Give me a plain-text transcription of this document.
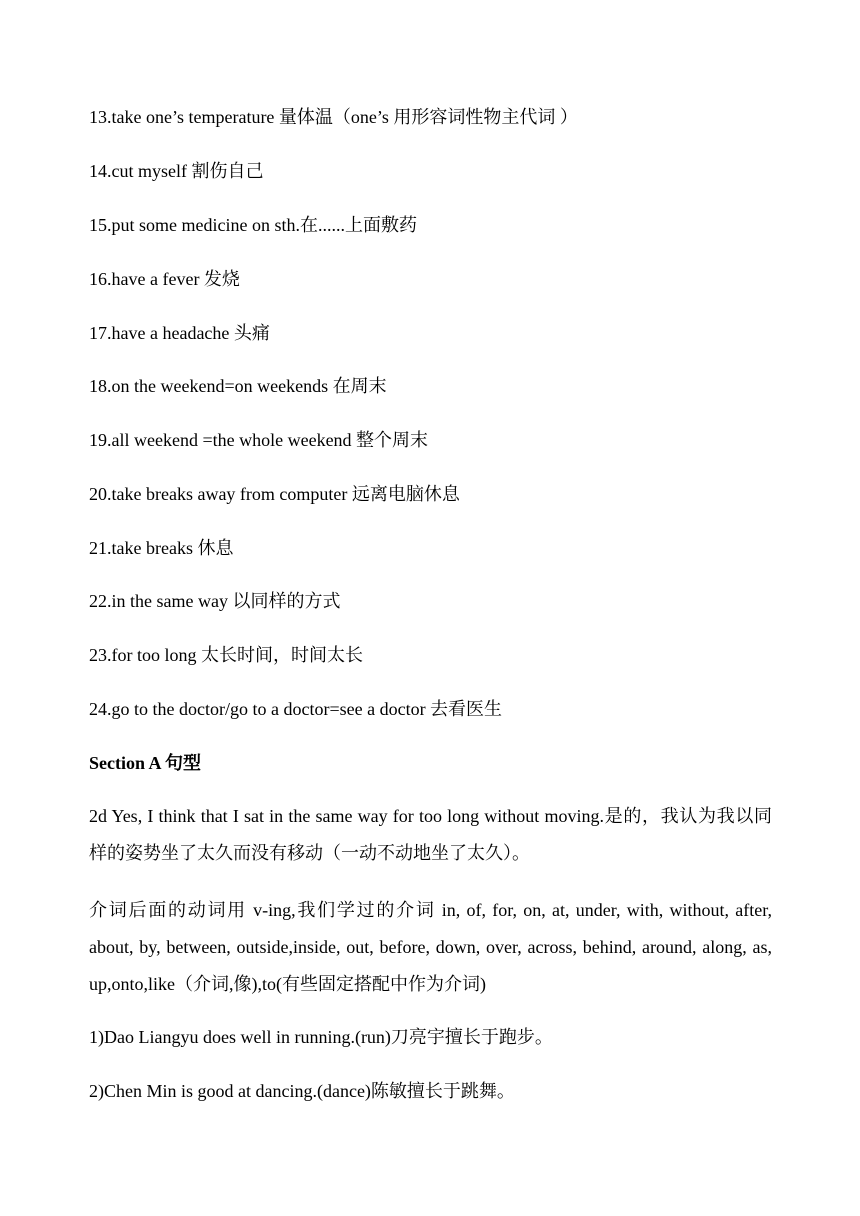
13.take one’s temperature 量体温（one’s 用形容词性物主代词 ）
14.cut myself 割伤自己
15.put some medicine on sth.在......上面敷药
16.have a fever 发烧
17.have a headache 头痛
18.on the weekend=on weekends 在周末
19.all weekend =the whole weekend 整个周末
20.take breaks away from computer 远离电脑休息
21.take breaks 休息
22.in the same way 以同样的方式
23.for too long 太长时间，时间太长
24.go to the doctor/go to a doctor=see a doctor 去看医生
Section A 句型
2d Yes, I think that I sat in the same way for too long without moving.是的，我认为我以同样的姿势坐了太久而没有移动（一动不动地坐了太久）。
介词后面的动词用 v-ing,我们学过的介词 in, of, for, on, at, under, with, without, after, about, by, between, outside,inside, out, before, down, over, across, behind, around, along, as, up,onto,like（介词,像),to(有些固定搭配中作为介词)
1)Dao Liangyu does well in running.(run)刀亮宇擅长于跑步。
2)Chen Min is good at dancing.(dance)陈敏擅长于跳舞。
